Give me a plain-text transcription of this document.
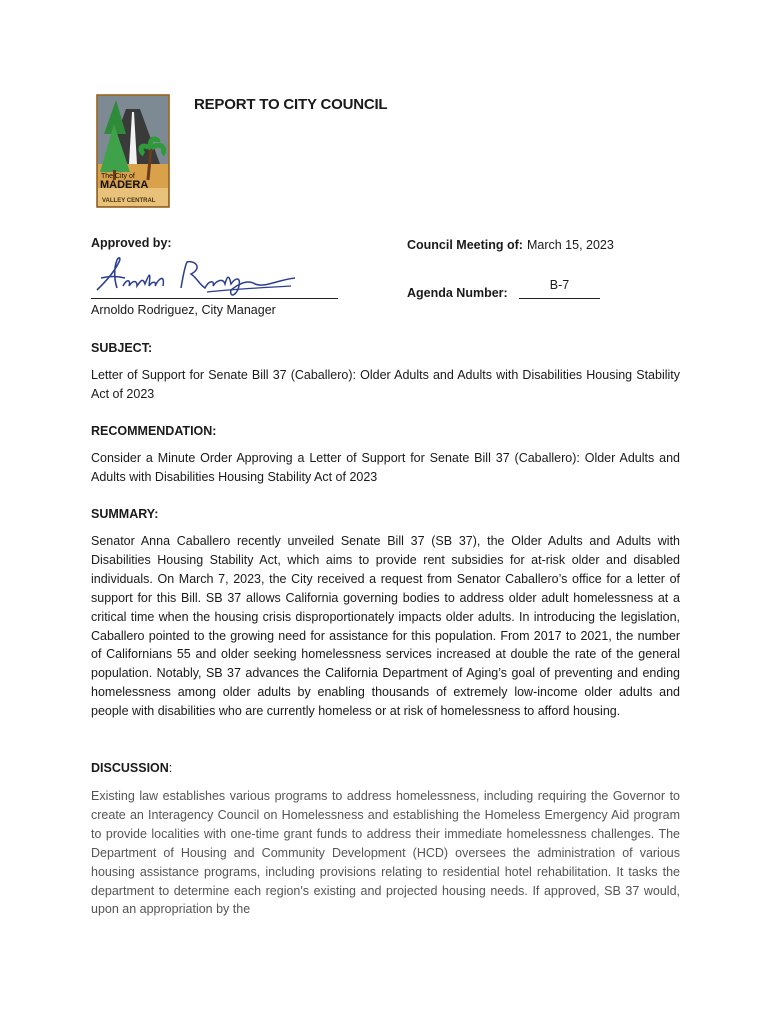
The City of
MADERA
VALLEY CENTRAL
REPORT TO CITY COUNCIL
Approved by:
Arnoldo Rodriguez, City Manager
Council Meeting of: March 15, 2023
Agenda Number:
B-7
SUBJECT:
Letter of Support for Senate Bill 37 (Caballero): Older Adults and Adults with Disabilities Housing Stability Act of 2023
RECOMMENDATION:
Consider a Minute Order Approving a Letter of Support for Senate Bill 37 (Caballero): Older Adults and Adults with Disabilities Housing Stability Act of 2023
SUMMARY:
Senator Anna Caballero recently unveiled Senate Bill 37 (SB 37), the Older Adults and Adults with Disabilities Housing Stability Act, which aims to provide rent subsidies for at-risk older and disabled individuals. On March 7, 2023, the City received a request from Senator Caballero’s office for a letter of support for this Bill. SB 37 allows California governing bodies to address older adult homelessness at a critical time when the housing crisis disproportionately impacts older adults. In introducing the legislation, Caballero pointed to the growing need for assistance for this population. From 2017 to 2021, the number of Californians 55 and older seeking homelessness services increased at double the rate of the general population. Notably, SB 37 advances the California Department of Aging’s goal of preventing and ending homelessness among older adults by enabling thousands of extremely low-income older adults and people with disabilities who are currently homeless or at risk of homelessness to afford housing.
DISCUSSION:
Existing law establishes various programs to address homelessness, including requiring the Governor to create an Interagency Council on Homelessness and establishing the Homeless Emergency Aid program to provide localities with one-time grant funds to address their immediate homelessness challenges. The Department of Housing and Community Development (HCD) oversees the administration of various housing assistance programs, including provisions relating to residential hotel rehabilitation. It tasks the department to determine each region's existing and projected housing needs. If approved, SB 37 would, upon an appropriation by the
